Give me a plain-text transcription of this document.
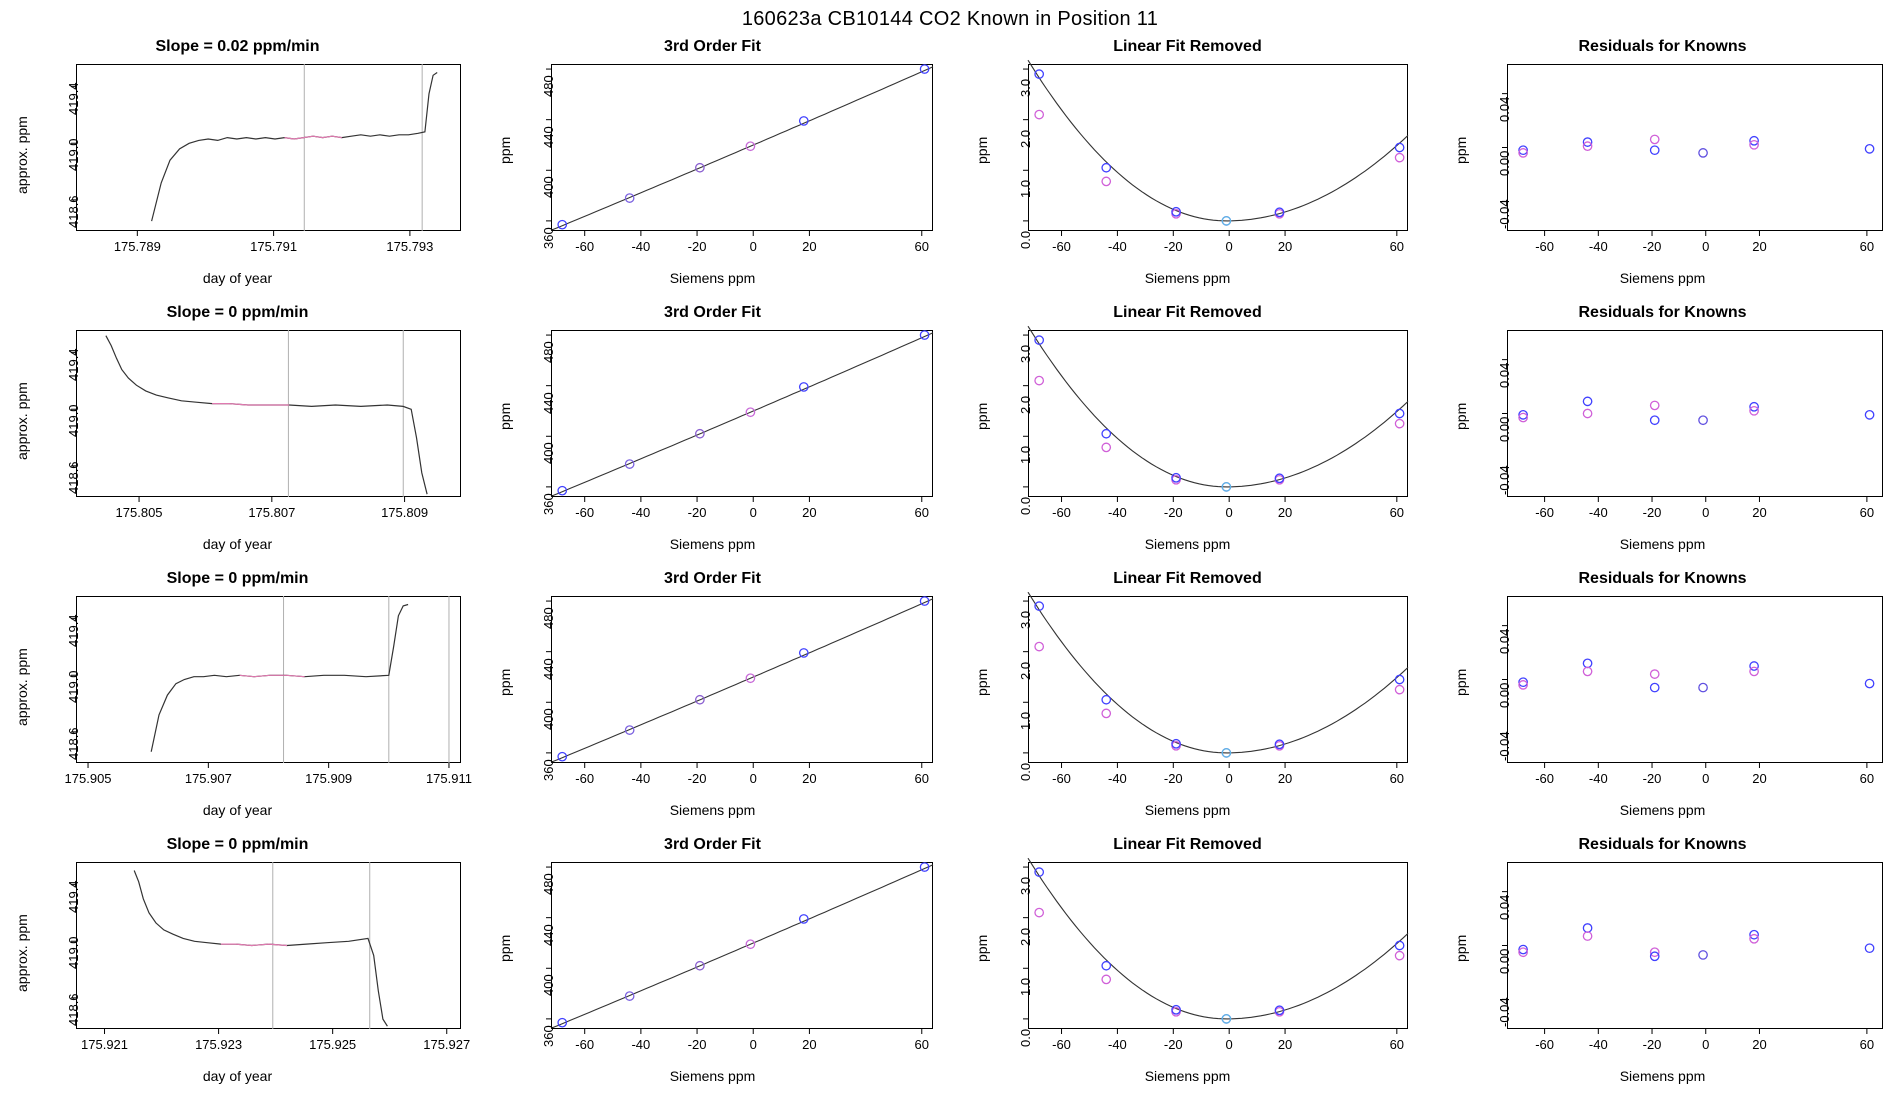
160623a CB10144 CO2 Known in Position 11
Slope = 0.02 ppm/min
day of year
approx. ppm
175.789	175.791	175.793
418.6
419.0
419.4
3rd Order Fit
Siemens ppm
ppm
-60	-40	-20	0	20	60
360
400
440
480
Linear Fit Removed
Siemens ppm
ppm
-60	-40	-20	0	20	60
0.0
1.0
2.0
3.0
Residuals for Knowns
Siemens ppm
ppm
-60	-40	-20	0	20	60
-0.04
0.00
0.04
Slope = 0 ppm/min
day of year
approx. ppm
175.805	175.807	175.809
418.6
419.0
419.4
3rd Order Fit
Siemens ppm
ppm
-60	-40	-20	0	20	60
360
400
440
480
Linear Fit Removed
Siemens ppm
ppm
-60	-40	-20	0	20	60
0.0
1.0
2.0
3.0
Residuals for Knowns
Siemens ppm
ppm
-60	-40	-20	0	20	60
-0.04
0.00
0.04
Slope = 0 ppm/min
day of year
approx. ppm
175.905	175.907	175.909	175.911
418.6
419.0
419.4
3rd Order Fit
Siemens ppm
ppm
-60	-40	-20	0	20	60
360
400
440
480
Linear Fit Removed
Siemens ppm
ppm
-60	-40	-20	0	20	60
0.0
1.0
2.0
3.0
Residuals for Knowns
Siemens ppm
ppm
-60	-40	-20	0	20	60
-0.04
0.00
0.04
Slope = 0 ppm/min
day of year
approx. ppm
175.921	175.923	175.925	175.927
418.6
419.0
419.4
3rd Order Fit
Siemens ppm
ppm
-60	-40	-20	0	20	60
360
400
440
480
Linear Fit Removed
Siemens ppm
ppm
-60	-40	-20	0	20	60
0.0
1.0
2.0
3.0
Residuals for Knowns
Siemens ppm
ppm
-60	-40	-20	0	20	60
-0.04
0.00
0.04
